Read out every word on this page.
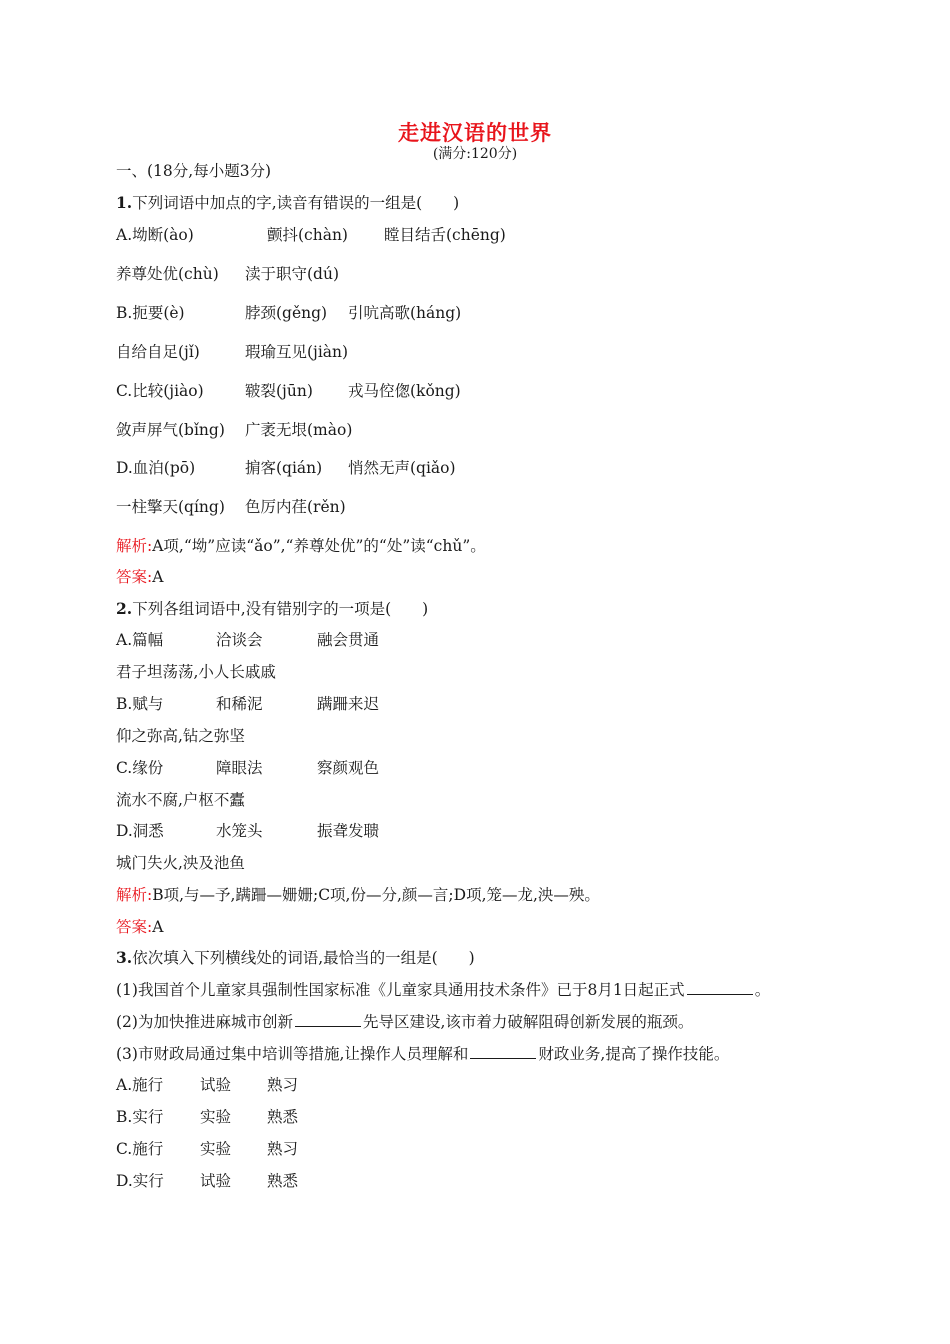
走进汉语的世界
(满分:120分)
一、(18分,每小题3分)
1.下列词语中加点的字,读音有错误的一组是(　　)
A.坳断(ào)	颤抖(chàn) 瞠目结舌(chēng)
养尊处优(chù) 渎于职守(dú)
B.扼要(è)	脖颈(gěng) 引吭高歌(háng)
自给自足(jǐ)	瑕瑜互见(jiàn)
C.比较(jiào)	皲裂(jūn) 戎马倥偬(kǒng)
敛声屏气(bǐng) 广袤无垠(mào)
D.血泊(pō)	掮客(qián) 悄然无声(qiǎo)
一柱擎天(qíng) 色厉内荏(rěn)
解析:A项,“坳”应读“ǎo”,“养尊处优”的“处”读“chǔ”。
答案:A
2.下列各组词语中,没有错别字的一项是(　　)
A.篇幅	洽谈会	融会贯通
君子坦荡荡,小人长戚戚
B.赋与	和稀泥	蹒跚来迟
仰之弥高,钻之弥坚
C.缘份	障眼法	察颜观色
流水不腐,户枢不蠹
D.洞悉	水笼头	振聋发聩
城门失火,泱及池鱼
解析:B项,与—予,蹒跚—姗姗;C项,份—分,颜—言;D项,笼—龙,泱—殃。
答案:A
3.依次填入下列横线处的词语,最恰当的一组是(　　)
(1)我国首个儿童家具强制性国家标准《儿童家具通用技术条件》已于8月1日起正式	。
(2)为加快推进麻城市创新	先导区建设,该市着力破解阻碍创新发展的瓶颈。
(3)市财政局通过集中培训等措施,让操作人员理解和	财政业务,提高了操作技能。
A.施行 试验 熟习
B.实行 实验 熟悉
C.施行 实验 熟习
D.实行 试验 熟悉
